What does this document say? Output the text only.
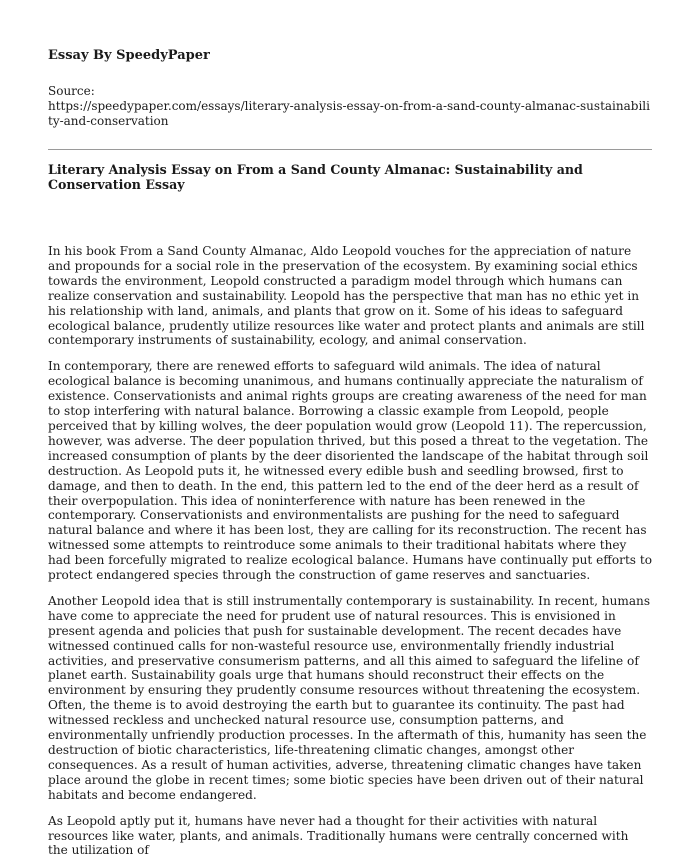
Essay By SpeedyPaper

Source:

https://speedypaper.com/essays/literary-analysis-essay-on-from-a-sand-county-almanac-sustainability-and-conservation

Literary Analysis Essay on From a Sand County Almanac: Sustainability and Conservation Essay

In his book From a Sand County Almanac, Aldo Leopold vouches for the appreciation of nature and propounds for a social role in the preservation of the ecosystem. By examining social ethics towards the environment, Leopold constructed a paradigm model through which humans can realize conservation and sustainability. Leopold has the perspective that man has no ethic yet in his relationship with land, animals, and plants that grow on it. Some of his ideas to safeguard ecological balance, prudently utilize resources like water and protect plants and animals are still contemporary instruments of sustainability, ecology, and animal conservation.

In contemporary, there are renewed efforts to safeguard wild animals. The idea of natural ecological balance is becoming unanimous, and humans continually appreciate the naturalism of existence. Conservationists and animal rights groups are creating awareness of the need for man to stop interfering with natural balance. Borrowing a classic example from Leopold, people perceived that by killing wolves, the deer population would grow (Leopold 11). The repercussion, however, was adverse. The deer population thrived, but this posed a threat to the vegetation. The increased consumption of plants by the deer disoriented the landscape of the habitat through soil destruction. As Leopold puts it, he witnessed every edible bush and seedling browsed, first to damage, and then to death. In the end, this pattern led to the end of the deer herd as a result of their overpopulation. This idea of noninterference with nature has been renewed in the contemporary. Conservationists and environmentalists are pushing for the need to safeguard natural balance and where it has been lost, they are calling for its reconstruction. The recent has witnessed some attempts to reintroduce some animals to their traditional habitats where they had been forcefully migrated to realize ecological balance. Humans have continually put efforts to protect endangered species through the construction of game reserves and sanctuaries.

Another Leopold idea that is still instrumentally contemporary is sustainability. In recent, humans have come to appreciate the need for prudent use of natural resources. This is envisioned in present agenda and policies that push for sustainable development. The recent decades have witnessed continued calls for non-wasteful resource use, environmentally friendly industrial activities, and preservative consumerism patterns, and all this aimed to safeguard the lifeline of planet earth. Sustainability goals urge that humans should reconstruct their effects on the environment by ensuring they prudently consume resources without threatening the ecosystem. Often, the theme is to avoid destroying the earth but to guarantee its continuity. The past had witnessed reckless and unchecked natural resource use, consumption patterns, and environmentally unfriendly production processes. In the aftermath of this, humanity has seen the destruction of biotic characteristics, life-threatening climatic changes, amongst other consequences. As a result of human activities, adverse, threatening climatic changes have taken place around the globe in recent times; some biotic species have been driven out of their natural habitats and become endangered.

As Leopold aptly put it, humans have never had a thought for their activities with natural resources like water, plants, and animals. Traditionally humans were centrally concerned with the utilization of
